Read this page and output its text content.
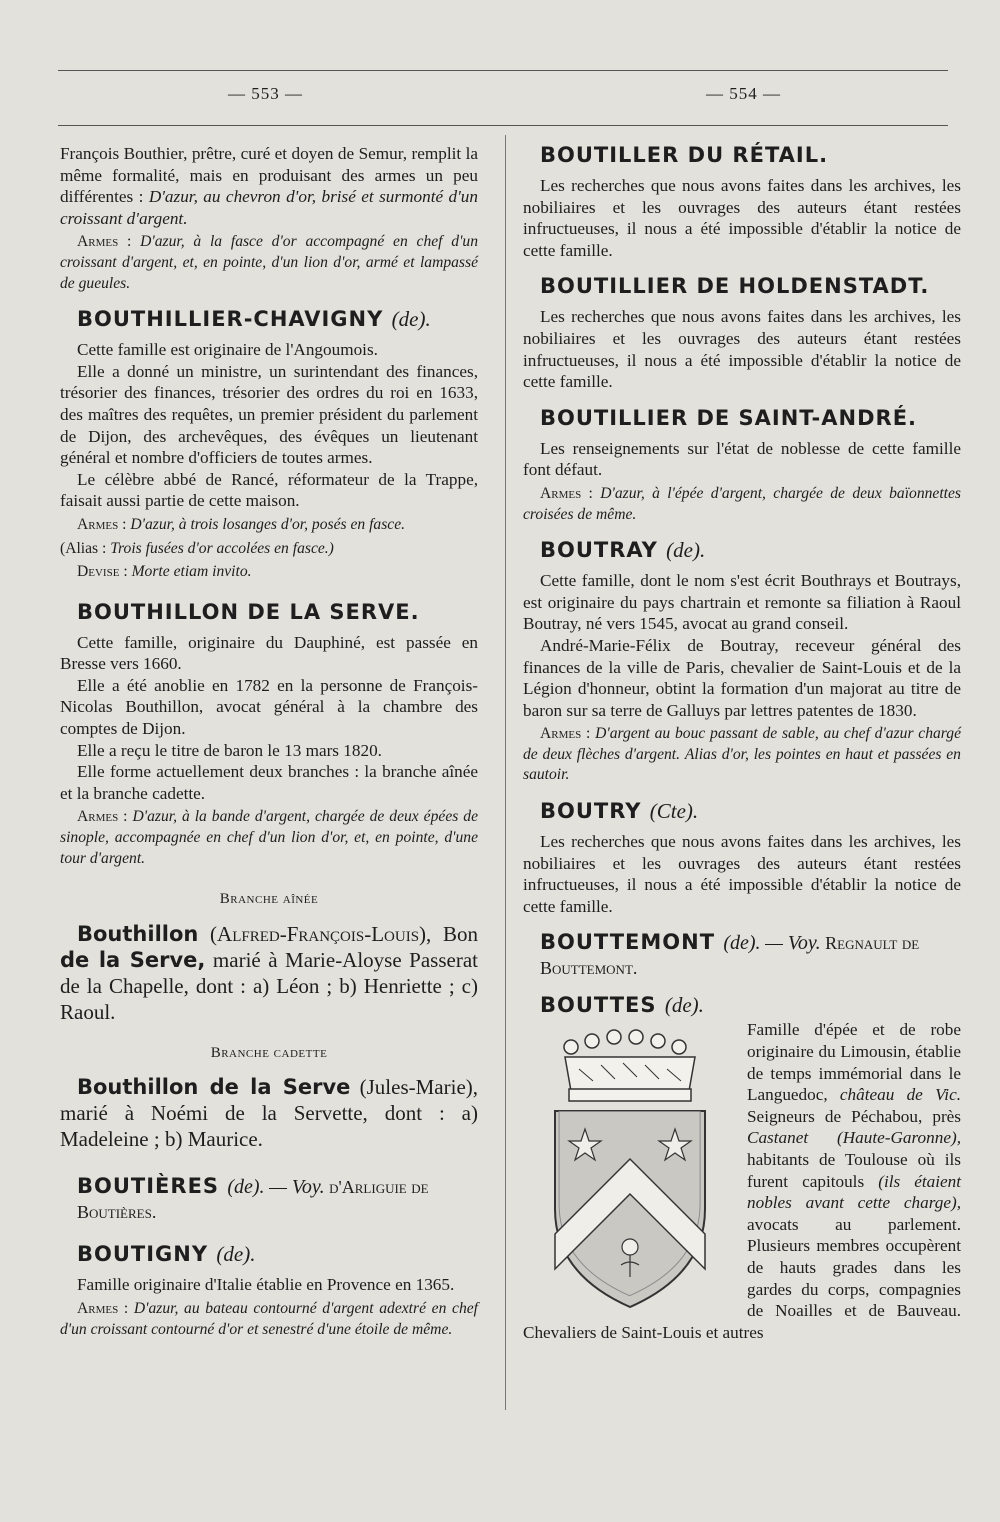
— 553 —	— 554 —

François Bouthier, prêtre, curé et doyen de Semur, remplit la même formalité, mais en produisant des armes un peu différentes : D'azur, au chevron d'or, brisé et surmonté d'un croissant d'argent.

Armes : D'azur, à la fasce d'or accompagné en chef d'un croissant d'argent, et, en pointe, d'un lion d'or, armé et lampassé de gueules.

BOUTHILLIER-CHAVIGNY (de).

Cette famille est originaire de l'Angoumois.

Elle a donné un ministre, un surintendant des finances, trésorier des finances, trésorier des ordres du roi en 1633, des maîtres des requêtes, un premier président du parlement de Dijon, des archevêques, des évêques un lieutenant général et nombre d'officiers de toutes armes.

Le célèbre abbé de Rancé, réformateur de la Trappe, faisait aussi partie de cette maison.

Armes : D'azur, à trois losanges d'or, posés en fasce.

(Alias : Trois fusées d'or accolées en fasce.)

Devise : Morte etiam invito.

BOUTHILLON DE LA SERVE.

Cette famille, originaire du Dauphiné, est passée en Bresse vers 1660.

Elle a été anoblie en 1782 en la personne de François-Nicolas Bouthillon, avocat général à la chambre des comptes de Dijon.

Elle a reçu le titre de baron le 13 mars 1820.

Elle forme actuellement deux branches : la branche aînée et la branche cadette.

Armes : D'azur, à la bande d'argent, chargée de deux épées de sinople, accompagnée en chef d'un lion d'or, et, en pointe, d'une tour d'argent.

Branche aînée

Bouthillon (Alfred-François-Louis), Bon de la Serve, marié à Marie-Aloyse Passerat de la Chapelle, dont : a) Léon ; b) Henriette ; c) Raoul.

Branche cadette

Bouthillon de la Serve (Jules-Marie), marié à Noémi de la Servette, dont : a) Madeleine ; b) Maurice.

BOUTIÈRES (de). — Voy. d'Arliguie de Boutières.
BOUTIGNY (de).

Famille originaire d'Italie établie en Provence en 1365.

Armes : D'azur, au bateau contourné d'argent adextré en chef d'un croissant contourné d'or et senestré d'une étoile de même.

BOUTILLER DU RÉTAIL.

Les recherches que nous avons faites dans les archives, les nobiliaires et les ouvrages des auteurs étant restées infructueuses, il nous a été impossible d'établir la notice de cette famille.

BOUTILLIER DE HOLDENSTADT.

Les recherches que nous avons faites dans les archives, les nobiliaires et les ouvrages des auteurs étant restées infructueuses, il nous a été impossible d'établir la notice de cette famille.

BOUTILLIER DE SAINT-ANDRÉ.

Les renseignements sur l'état de noblesse de cette famille font défaut.

Armes : D'azur, à l'épée d'argent, chargée de deux baïonnettes croisées de même.

BOUTRAY (de).

Cette famille, dont le nom s'est écrit Bouthrays et Boutrays, est originaire du pays chartrain et remonte sa filiation à Raoul Boutray, né vers 1545, avocat au grand conseil.

André-Marie-Félix de Boutray, receveur général des finances de la ville de Paris, chevalier de Saint-Louis et de la Légion d'honneur, obtint la formation d'un majorat au titre de baron sur sa terre de Galluys par lettres patentes de 1830.

Armes : D'argent au bouc passant de sable, au chef d'azur chargé de deux flèches d'argent. Alias d'or, les pointes en haut et passées en sautoir.

BOUTRY (Cte).

Les recherches que nous avons faites dans les archives, les nobiliaires et les ouvrages des auteurs étant restées infructueuses, il nous a été impossible d'établir la notice de cette famille.

BOUTTEMONT (de). — Voy. Regnault de Bouttemont.
BOUTTES (de).

Famille d'épée et de robe originaire du Limousin, établie de temps immémorial dans le Languedoc, château de Vic. Seigneurs de Péchabou, près Castanet (Haute-Garonne), habitants de Toulouse où ils furent capitouls (ils étaient nobles avant cette charge), avocats au parlement. Plusieurs membres occupèrent de hauts grades dans les gardes du corps, compagnies de Noailles et de Bauveau. Chevaliers de Saint-Louis et autres
